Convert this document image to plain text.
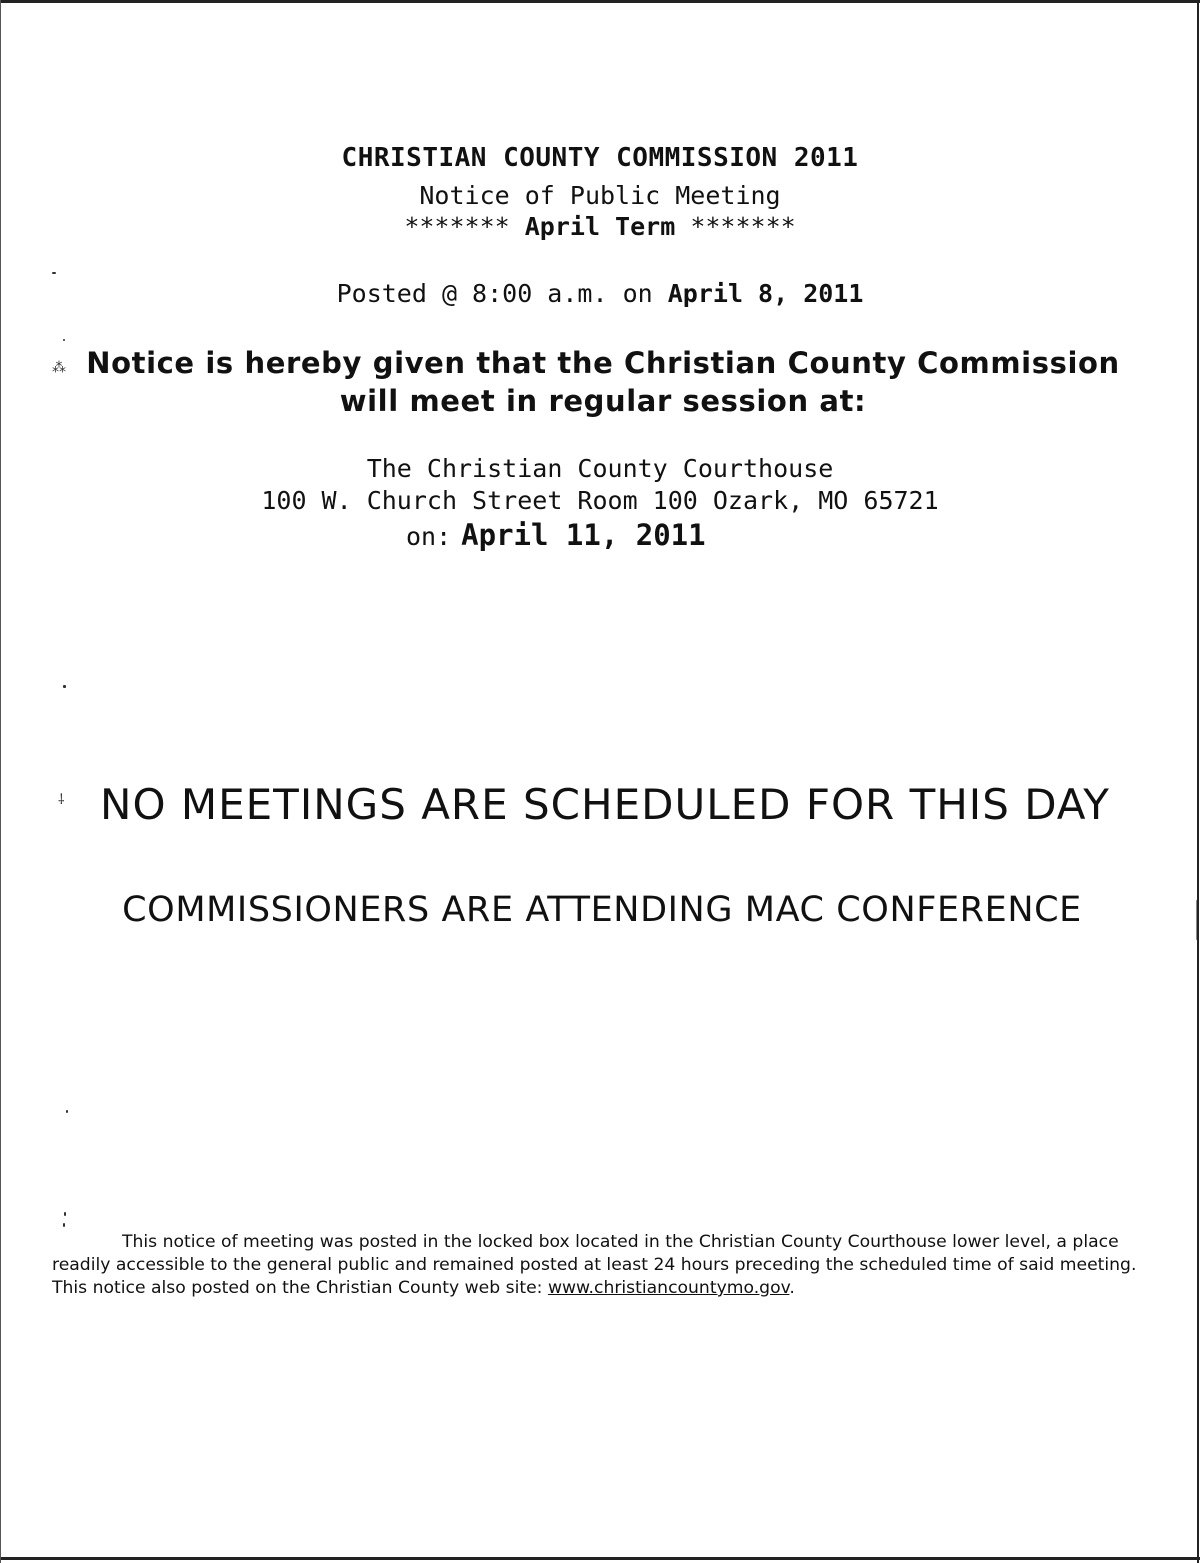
⁂
⸸
CHRISTIAN COUNTY COMMISSION 2011
Notice of Public Meeting
******* April Term *******
Posted @ 8:00 a.m. on April 8, 2011
Notice is hereby given that the Christian County Commission
will meet in regular session at:
The Christian County Courthouse
100 W. Church Street Room 100 Ozark, MO 65721
on: April 11, 2011
NO MEETINGS ARE SCHEDULED FOR THIS DAY
COMMISSIONERS ARE ATTENDING MAC CONFERENCE
This notice of meeting was posted in the locked box located in the Christian County Courthouse lower level, a place readily accessible to the general public and remained posted at least 24 hours preceding the scheduled time of said meeting. This notice also posted on the Christian County web site: www.christiancountymo.gov.
